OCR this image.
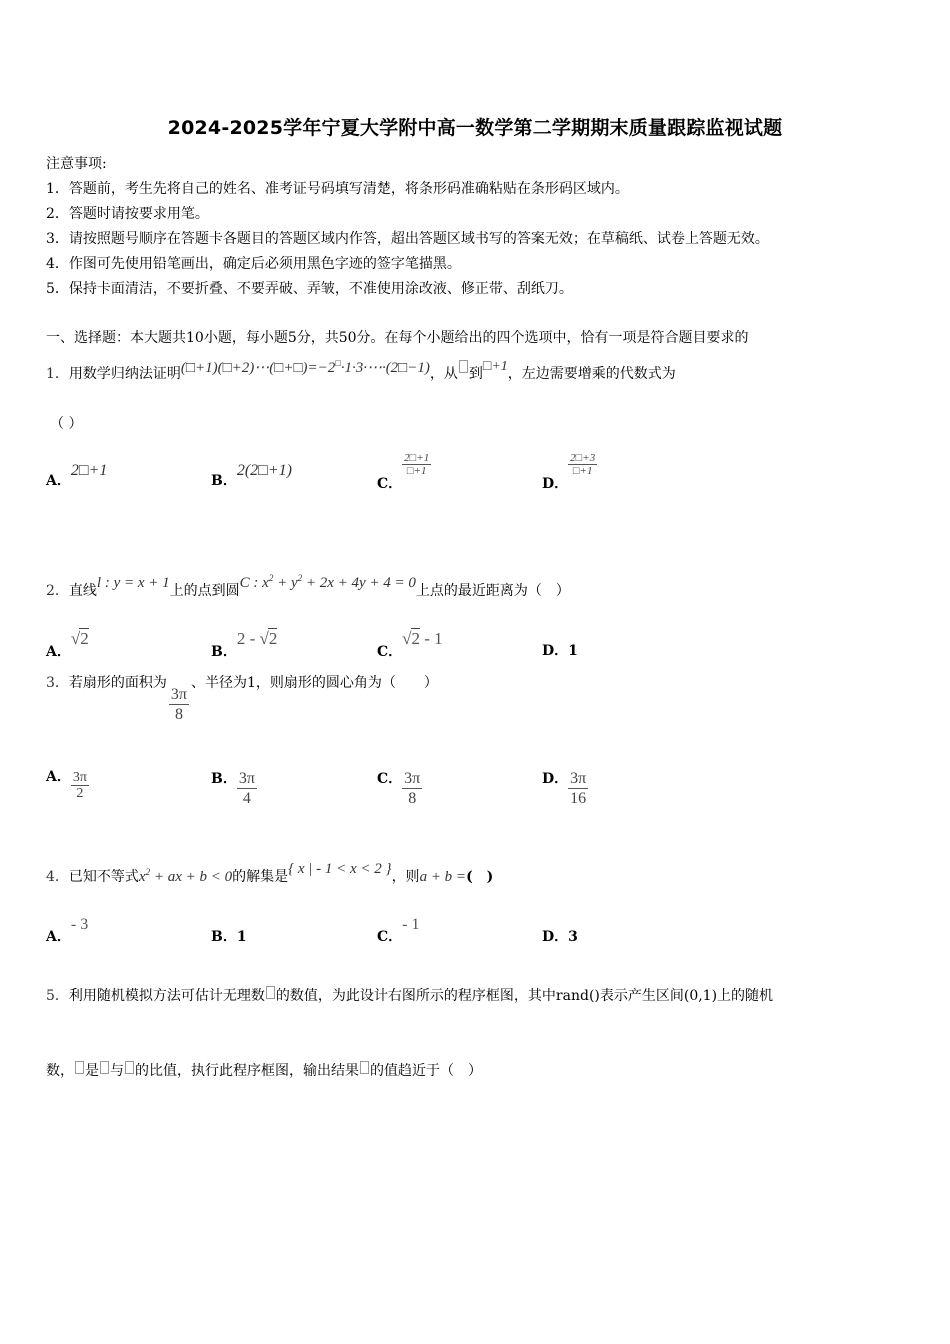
2024-2025学年宁夏大学附中高一数学第二学期期末质量跟踪监视试题
注意事项:
1．答题前，考生先将自己的姓名、准考证号码填写清楚，将条形码准确粘贴在条形码区域内。
2．答题时请按要求用笔。
3．请按照题号顺序在答题卡各题目的答题区域内作答，超出答题区域书写的答案无效；在草稿纸、试卷上答题无效。
4．作图可先使用铅笔画出，确定后必须用黑色字迹的签字笔描黑。
5．保持卡面清洁，不要折叠、不要弄破、弄皱，不准使用涂改液、修正带、刮纸刀。
一、选择题：本大题共10小题，每小题5分，共50分。在每个小题给出的四个选项中，恰有一项是符合题目要求的
1．用数学归纳法证明(□+1)(□+2)⋯(□+□)=−2□·1·3·⋯·(2□−1)，从 到□+1，左边需要增乘的代数式为
（ ）
A．2□+1
B．2(2□+1)
C．
$\frac{2□+1}{□+1}$
D．
$\frac{2□+3}{□+1}$
2．直线l : y = x + 1上的点到圆C : $x^2 + y^2 + 2x + 4y + 4 = 0$上点的最近距离为（　）
A．√2
B．2 - √2
C．√2 - 1
D．1
3．若扇形的面积为
$\frac{3\pi}{8}$
、半径为1，则扇形的圆心角为（　　）
A． $\frac{3\pi}{2}$	B． $\frac{3\pi}{4}$	C． $\frac{3\pi}{8}$	D． $\frac{3\pi}{16}$
4．已知不等式$x^2$ + ax + b < 0的解集是{ x | - 1 < x < 2 }，则a + b =(　)
A．- 3
B．1	C．- 1
D．3
5．利用随机模拟方法可估计无理数 的数值，为此设计右图所示的程序框图，其中rand()表示产生区间(0,1)上的随机
数， 是 与 的比值，执行此程序框图，输出结果 的值趋近于（　）
